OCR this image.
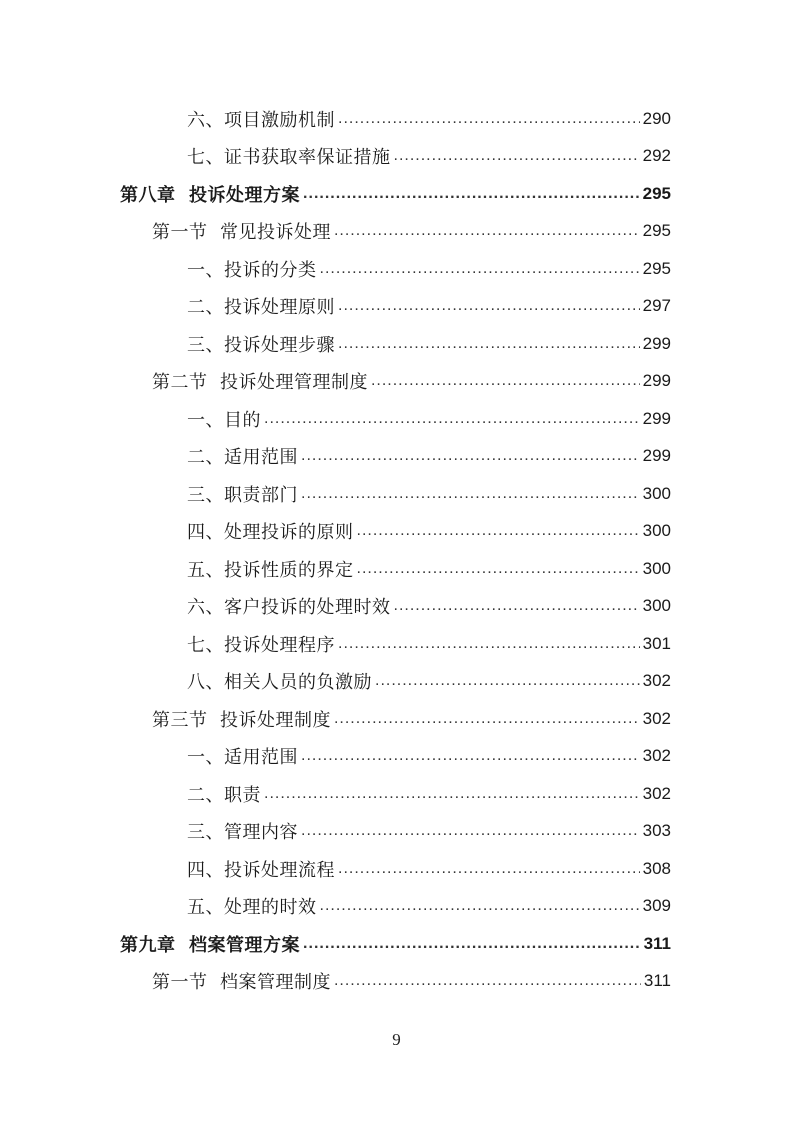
六、项目激励机制 .....	290
七、证书获取率保证措施 .....	292
第八章  投诉处理方案 .....	295
第一节  常见投诉处理 .....	295
一、投诉的分类 .....	295
二、投诉处理原则 .....	297
三、投诉处理步骤 .....	299
第二节  投诉处理管理制度 .....	299
一、目的 .....	299
二、适用范围 .....	299
三、职责部门 .....	300
四、处理投诉的原则 .....	300
五、投诉性质的界定 .....	300
六、客户投诉的处理时效 .....	300
七、投诉处理程序 .....	301
八、相关人员的负激励 .....	302
第三节  投诉处理制度 .....	302
一、适用范围 .....	302
二、职责 .....	302
三、管理内容 .....	303
四、投诉处理流程 .....	308
五、处理的时效 .....	309
第九章  档案管理方案 .....	311
第一节  档案管理制度 .....	311
9
